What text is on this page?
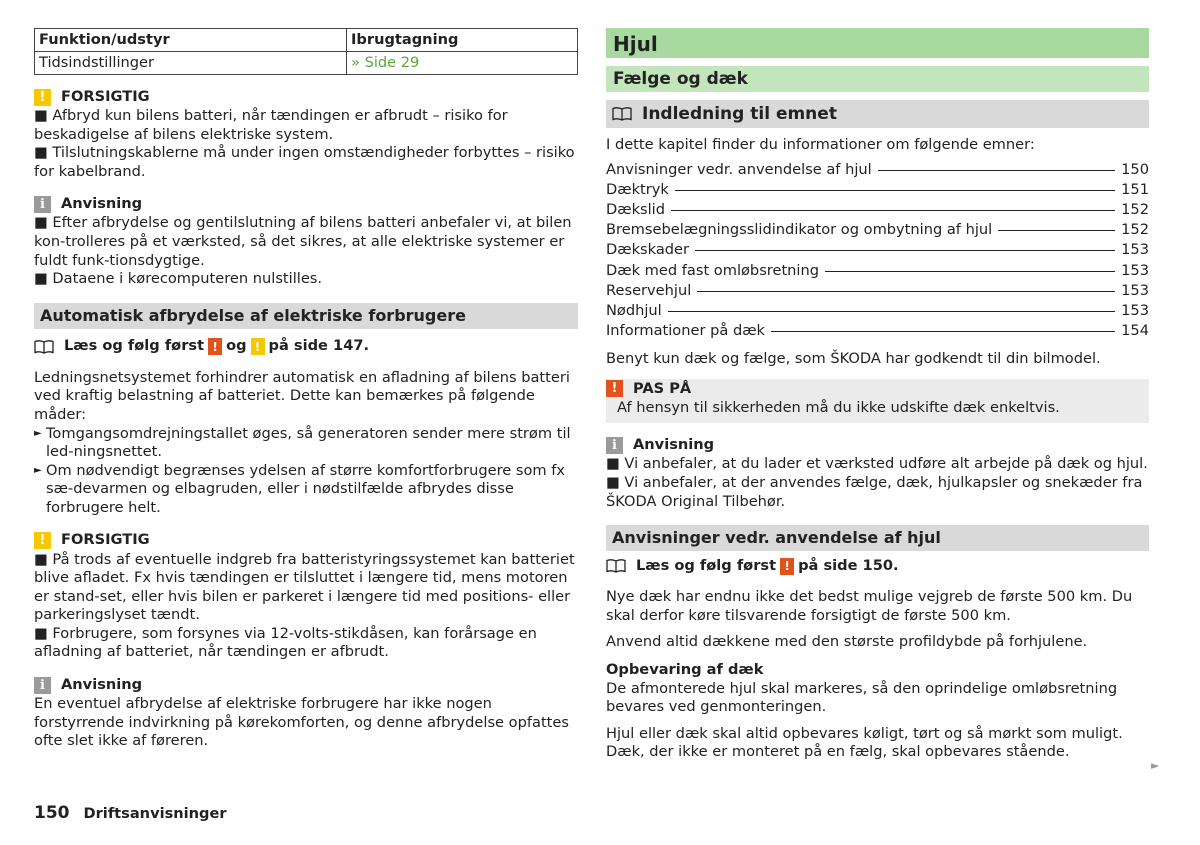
Funktion/udstyr	Ibrugtagning
Tidsindstillinger	» Side 29
!	FORSIGTIG

■ Afbryd kun bilens batteri, når tændingen er afbrudt – risiko for beskadigelse af bilens elektriske system.

■ Tilslutningskablerne må under ingen omstændigheder forbyttes – risiko for kabelbrand.

i	Anvisning

■ Efter afbrydelse og gentilslutning af bilens batteri anbefaler vi, at bilen kon-trolleres på et værksted, så det sikres, at alle elektriske systemer er fuldt funk-tionsdygtige.

■ Dataene i kørecomputeren nulstilles.

Automatisk afbrydelse af elektriske forbrugere
Læs og følg først ! og ! på side 147.

Ledningsnetsystemet forhindrer automatisk en afladning af bilens batteri ved kraftig belastning af batteriet. Dette kan bemærkes på følgende måder:

► Tomgangsomdrejningstallet øges, så generatoren sender mere strøm til led-ningsnettet.
► Om nødvendigt begrænses ydelsen af større komfortforbrugere som fx sæ-devarmen og elbagruden, eller i nødstilfælde afbrydes disse forbrugere helt.
!	FORSIGTIG

■ På trods af eventuelle indgreb fra batteristyringssystemet kan batteriet blive afladet. Fx hvis tændingen er tilsluttet i længere tid, mens motoren er stand-set, eller hvis bilen er parkeret i længere tid med positions- eller parkeringslyset tændt.

■ Forbrugere, som forsynes via 12-volts-stikdåsen, kan forårsage en afladning af batteriet, når tændingen er afbrudt.

i	Anvisning

En eventuel afbrydelse af elektriske forbrugere har ikke nogen forstyrrende indvirkning på kørekomforten, og denne afbrydelse opfattes ofte slet ikke af føreren.

Hjul
Fælge og dæk
Indledning til emnet

I dette kapitel finder du informationer om følgende emner:

Anvisninger vedr. anvendelse af hjul	150
Dæktryk	151
Dækslid	152
Bremsebelægningsslidindikator og ombytning af hjul	152
Dækskader	153
Dæk med fast omløbsretning	153
Reservehjul	153
Nødhjul	153
Informationer på dæk	154

Benyt kun dæk og fælge, som ŠKODA har godkendt til din bilmodel.

!	PAS PÅ

Af hensyn til sikkerheden må du ikke udskifte dæk enkeltvis.

i	Anvisning

■ Vi anbefaler, at du lader et værksted udføre alt arbejde på dæk og hjul.

■ Vi anbefaler, at der anvendes fælge, dæk, hjulkapsler og snekæder fra ŠKODA Original Tilbehør.

Anvisninger vedr. anvendelse af hjul
Læs og følg først ! på side 150.

Nye dæk har endnu ikke det bedst mulige vejgreb de første 500 km. Du skal derfor køre tilsvarende forsigtigt de første 500 km.

Anvend altid dækkene med den største profildybde på forhjulene.

Opbevaring af dæk

De afmonterede hjul skal markeres, så den oprindelige omløbsretning bevares ved genmonteringen.

Hjul eller dæk skal altid opbevares køligt, tørt og så mørkt som muligt. Dæk, der ikke er monteret på en fælg, skal opbevares stående.

►
150 Driftsanvisninger
